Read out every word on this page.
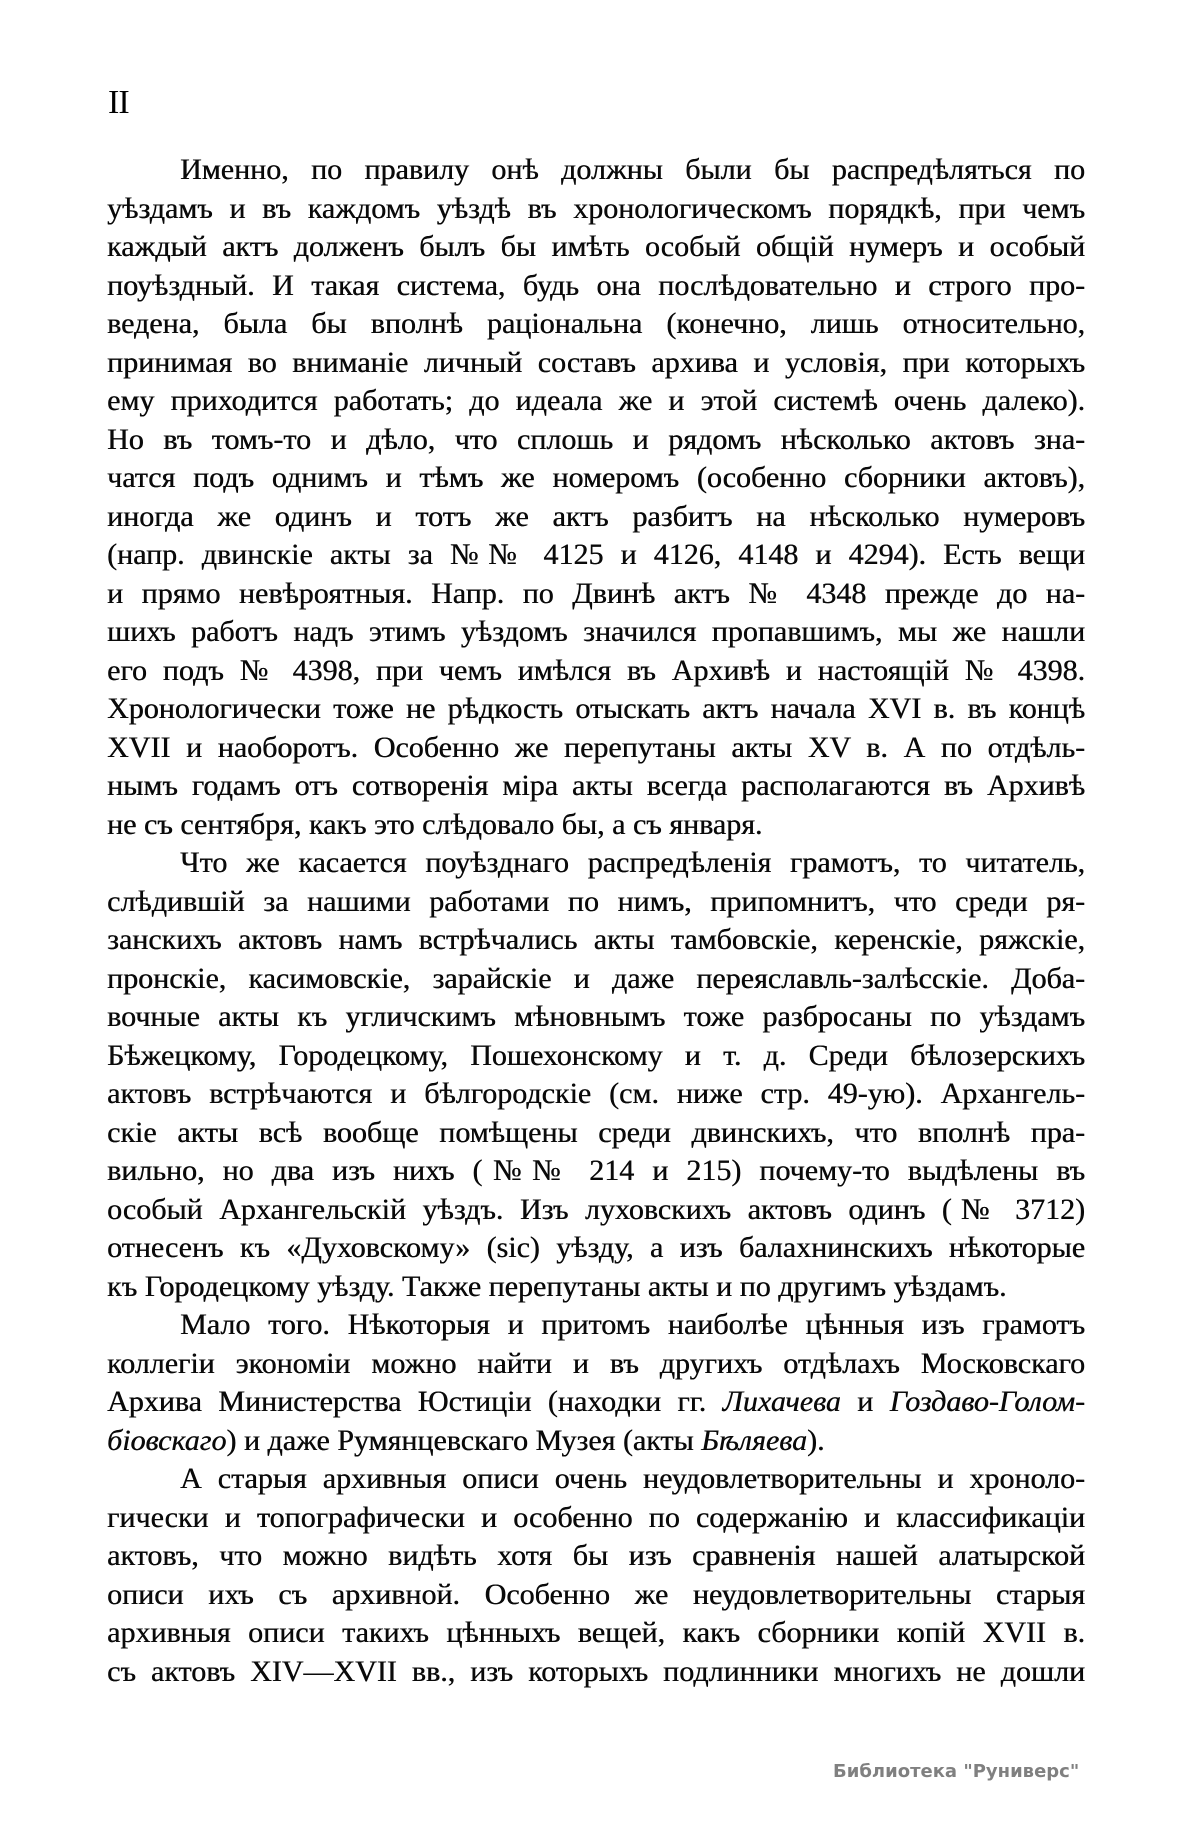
II
Именно, по правилу онѣ должны были бы распредѣляться по
уѣздамъ и въ каждомъ уѣздѣ въ хронологическомъ порядкѣ, при чемъ
каждый актъ долженъ былъ бы имѣть особый общій нумеръ и особый
поуѣздный. И такая система, будь она послѣдовательно и строго про-
ведена, была бы вполнѣ раціональна (конечно, лишь относительно,
принимая во вниманіе личный составъ архива и условія, при которыхъ
ему приходится работать; до идеала же и этой системѣ очень далеко).
Но въ томъ-то и дѣло, что сплошь и рядомъ нѣсколько актовъ зна-
чатся подъ однимъ и тѣмъ же номеромъ (особенно сборники актовъ),
иногда же одинъ и тотъ же актъ разбитъ на нѣсколько нумеровъ
(напр. двинскіе акты за №№ 4125 и 4126, 4148 и 4294). Есть вещи
и прямо невѣроятныя. Напр. по Двинѣ актъ № 4348 прежде до на-
шихъ работъ надъ этимъ уѣздомъ значился пропавшимъ, мы же нашли
его подъ № 4398, при чемъ имѣлся въ Архивѣ и настоящій № 4398.
Хронологически тоже не рѣдкость отыскать актъ начала XVI в. въ концѣ
XVII и наоборотъ. Особенно же перепутаны акты XV в. А по отдѣль-
нымъ годамъ отъ сотворенія міра акты всегда располагаются въ Архивѣ
не съ сентября, какъ это слѣдовало бы, а съ января.
Что же касается поуѣзднаго распредѣленія грамотъ, то читатель,
слѣдившій за нашими работами по нимъ, припомнитъ, что среди ря-
занскихъ актовъ намъ встрѣчались акты тамбовскіе, керенскіе, ряжскіе,
пронскіе, касимовскіе, зарайскіе и даже переяславль-залѣсскіе. Доба-
вочные акты къ угличскимъ мѣновнымъ тоже разбросаны по уѣздамъ
Бѣжецкому, Городецкому, Пошехонскому и т. д. Среди бѣлозерскихъ
актовъ встрѣчаются и бѣлгородскіе (см. ниже стр. 49-ую). Архангель-
скіе акты всѣ вообще помѣщены среди двинскихъ, что вполнѣ пра-
вильно, но два изъ нихъ (№№ 214 и 215) почему-то выдѣлены въ
особый Архангельскій уѣздъ. Изъ луховскихъ актовъ одинъ (№ 3712)
отнесенъ къ «Духовскому» (sic) уѣзду, а изъ балахнинскихъ нѣкоторые
къ Городецкому уѣзду. Также перепутаны акты и по другимъ уѣздамъ.
Мало того. Нѣкоторыя и притомъ наиболѣе цѣнныя изъ грамотъ
коллегіи экономіи можно найти и въ другихъ отдѣлахъ Московскаго
Архива Министерства Юстиціи (находки гг. Лихачева и Гоздаво-Голом-
біовскаго) и даже Румянцевскаго Музея (акты Бѣляева).
А старыя архивныя описи очень неудовлетворительны и хроноло-
гически и топографически и особенно по содержанію и классификаціи
актовъ, что можно видѣть хотя бы изъ сравненія нашей алатырской
описи ихъ съ архивной. Особенно же неудовлетворительны старыя
архивныя описи такихъ цѣнныхъ вещей, какъ сборники копій XVII в.
съ актовъ XIV—XVII вв., изъ которыхъ подлинники многихъ не дошли
Библиотека "Руниверс"
